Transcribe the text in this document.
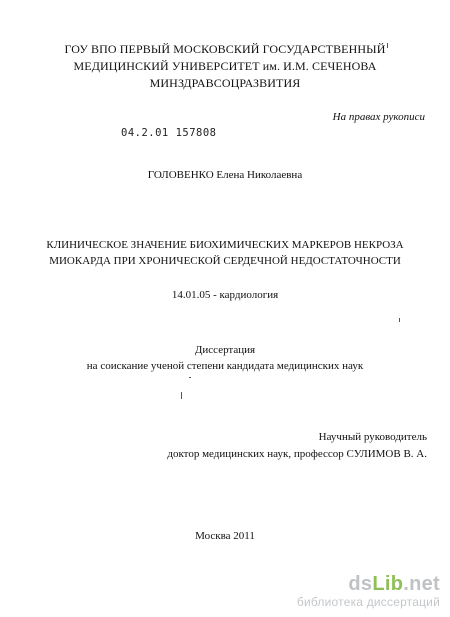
ГОУ ВПО ПЕРВЫЙ МОСКОВСКИЙ ГОСУДАРСТВЕННЫЙ
МЕДИЦИНСКИЙ УНИВЕРСИТЕТ им. И.М. СЕЧЕНОВА
МИНЗДРАВСОЦРАЗВИТИЯ
На правах рукописи
04.2.01 157808
ГОЛОВЕНКО Елена Николаевна
КЛИНИЧЕСКОЕ ЗНАЧЕНИЕ БИОХИМИЧЕСКИХ МАРКЕРОВ НЕКРОЗА
МИОКАРДА ПРИ ХРОНИЧЕСКОЙ СЕРДЕЧНОЙ НЕДОСТАТОЧНОСТИ
14.01.05 - кардиология
Диссертация
на соискание ученой степени кандидата медицинских наук
Научный руководитель
доктор медицинских наук, профессор СУЛИМОВ В. А.
Москва 2011
dsLib.net
библиотека диссертаций
